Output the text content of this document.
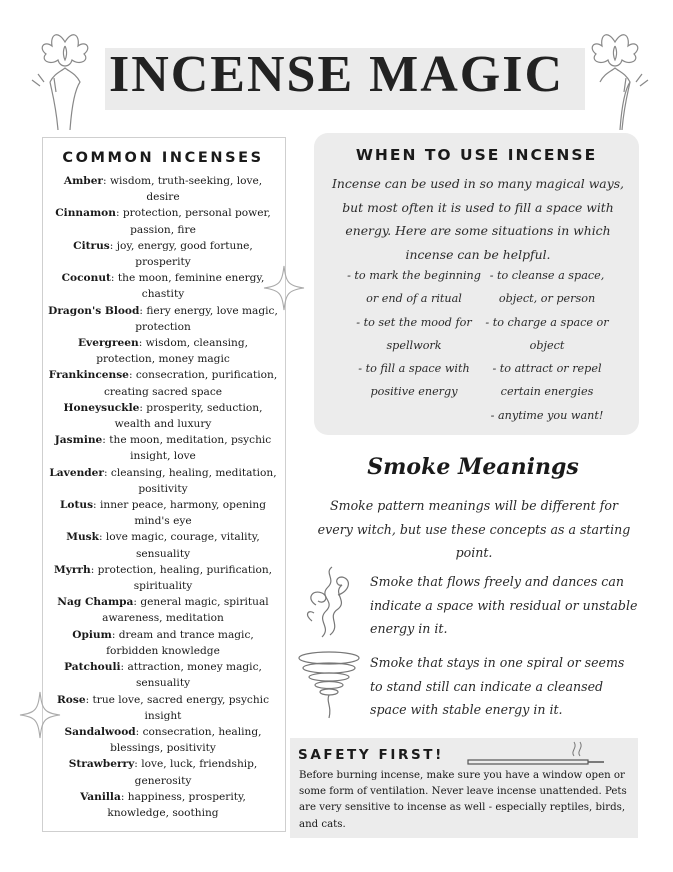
INCENSE MAGIC
COMMON INCENSES
Amber: wisdom, truth-seeking, love, desire
Cinnamon: protection, personal power, passion, fire
Citrus: joy, energy, good fortune, prosperity
Coconut: the moon, feminine energy, chastity
Dragon's Blood: fiery energy, love magic, protection
Evergreen: wisdom, cleansing, protection, money magic
Frankincense: consecration, purification, creating sacred space
Honeysuckle: prosperity, seduction, wealth and luxury
Jasmine: the moon, meditation, psychic insight, love
Lavender: cleansing, healing, meditation, positivity
Lotus: inner peace, harmony, opening mind's eye
Musk: love magic, courage, vitality, sensuality
Myrrh: protection, healing, purification, spirituality
Nag Champa: general magic, spiritual awareness, meditation
Opium: dream and trance magic, forbidden knowledge
Patchouli: attraction, money magic, sensuality
Rose: true love, sacred energy, psychic insight
Sandalwood: consecration, healing, blessings, positivity
Strawberry: love, luck, friendship, generosity
Vanilla: happiness, prosperity, knowledge, soothing
WHEN TO USE INCENSE

Incense can be used in so many magical ways, but most often it is used to fill a space with energy. Here are some situations in which incense can be helpful.

- to mark the beginning or end of a ritual
- to set the mood for spellwork
- to fill a space with positive energy
- to cleanse a space, object, or person
- to charge a space or object
- to attract or repel certain energies
- anytime you want!
Smoke Meanings

Smoke pattern meanings will be different for every witch, but use these concepts as a starting point.

Smoke that flows freely and dances can indicate a space with residual or unstable energy in it.

Smoke that stays in one spiral or seems to stand still can indicate a cleansed space with stable energy in it.

SAFETY FIRST!

Before burning incense, make sure you have a window open or some form of ventilation. Never leave incense unattended. Pets are very sensitive to incense as well - especially reptiles, birds, and cats.
